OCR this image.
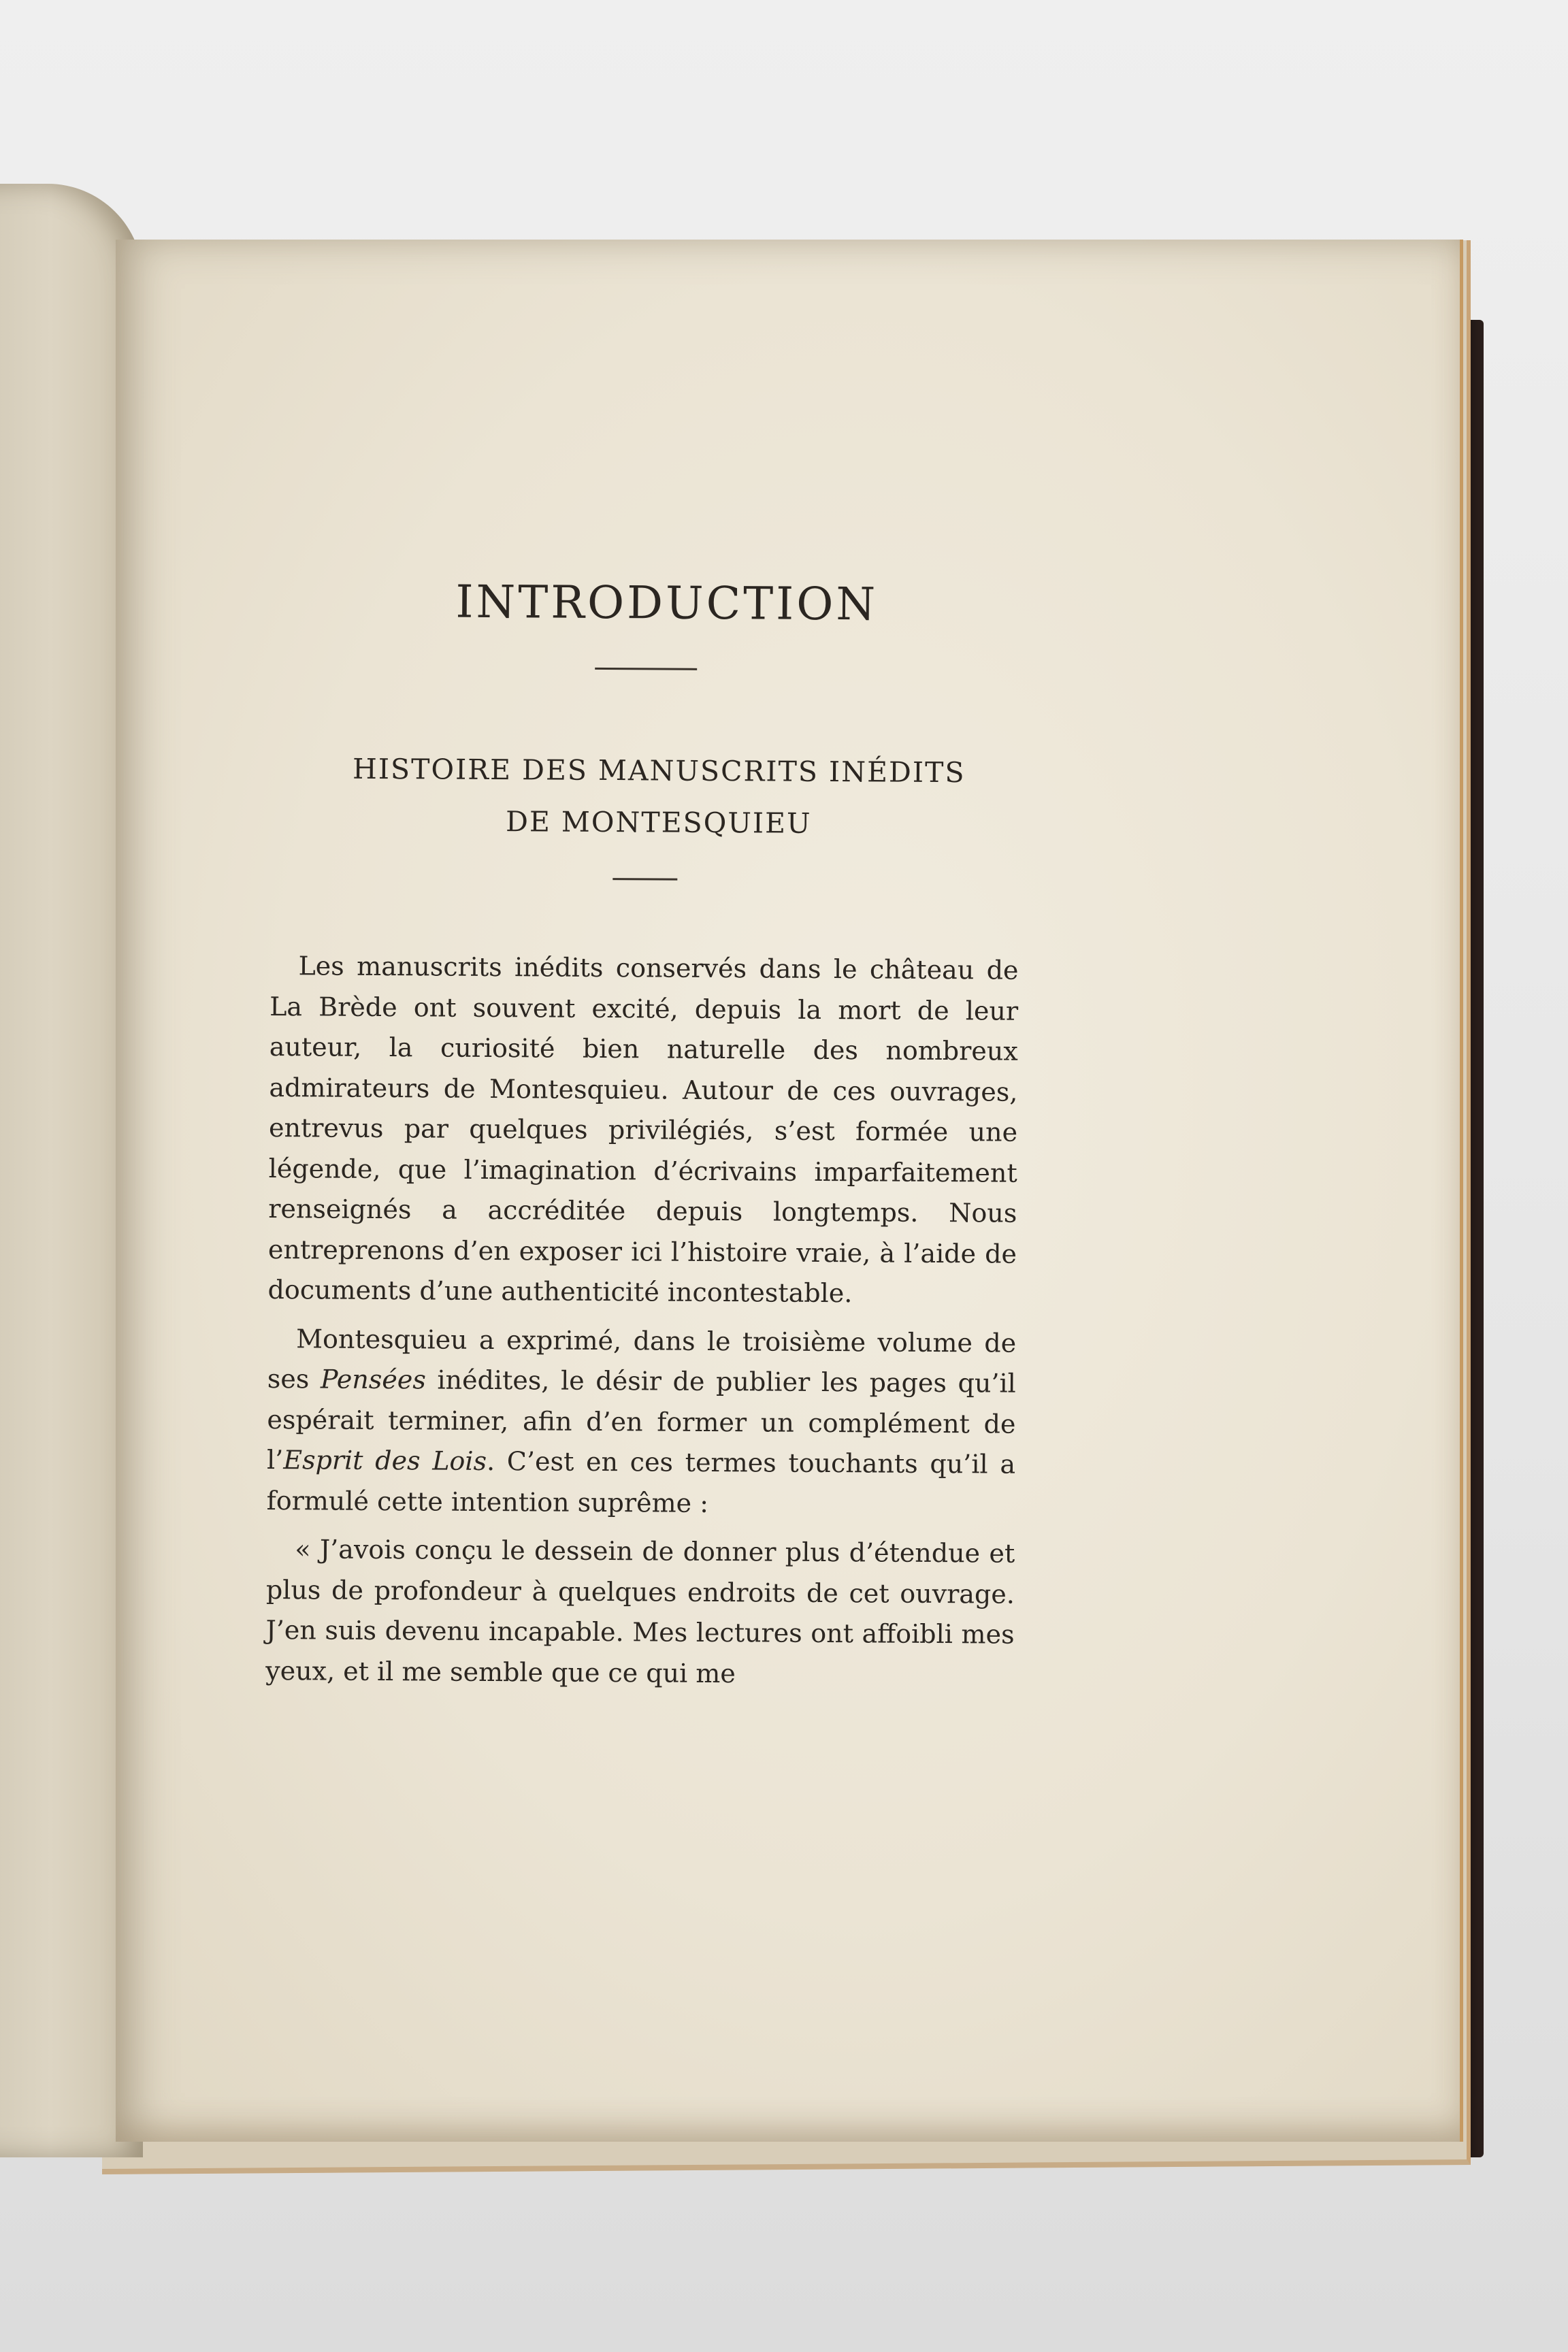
INTRODUCTION
HISTOIRE DES MANUSCRITS INÉDITS
DE MONTESQUIEU

Les manuscrits inédits conservés dans le château de La Brède ont souvent excité, depuis la mort de leur auteur, la curiosité bien naturelle des nombreux admirateurs de Montesquieu. Autour de ces ouvrages, entrevus par quelques privilégiés, s’est formée une légende, que l’imagination d’écrivains imparfaitement renseignés a accréditée depuis longtemps. Nous entreprenons d’en exposer ici l’histoire vraie, à l’aide de documents d’une authenticité incontestable.

Montesquieu a exprimé, dans le troisième volume de ses Pensées inédites, le désir de publier les pages qu’il espérait terminer, afin d’en former un complément de l’Esprit des Lois. C’est en ces termes touchants qu’il a formulé cette intention suprême :

« J’avois conçu le dessein de donner plus d’étendue et plus de profondeur à quelques endroits de cet ouvrage. J’en suis devenu incapable. Mes lectures ont affoibli mes yeux, et il me semble que ce qui me
